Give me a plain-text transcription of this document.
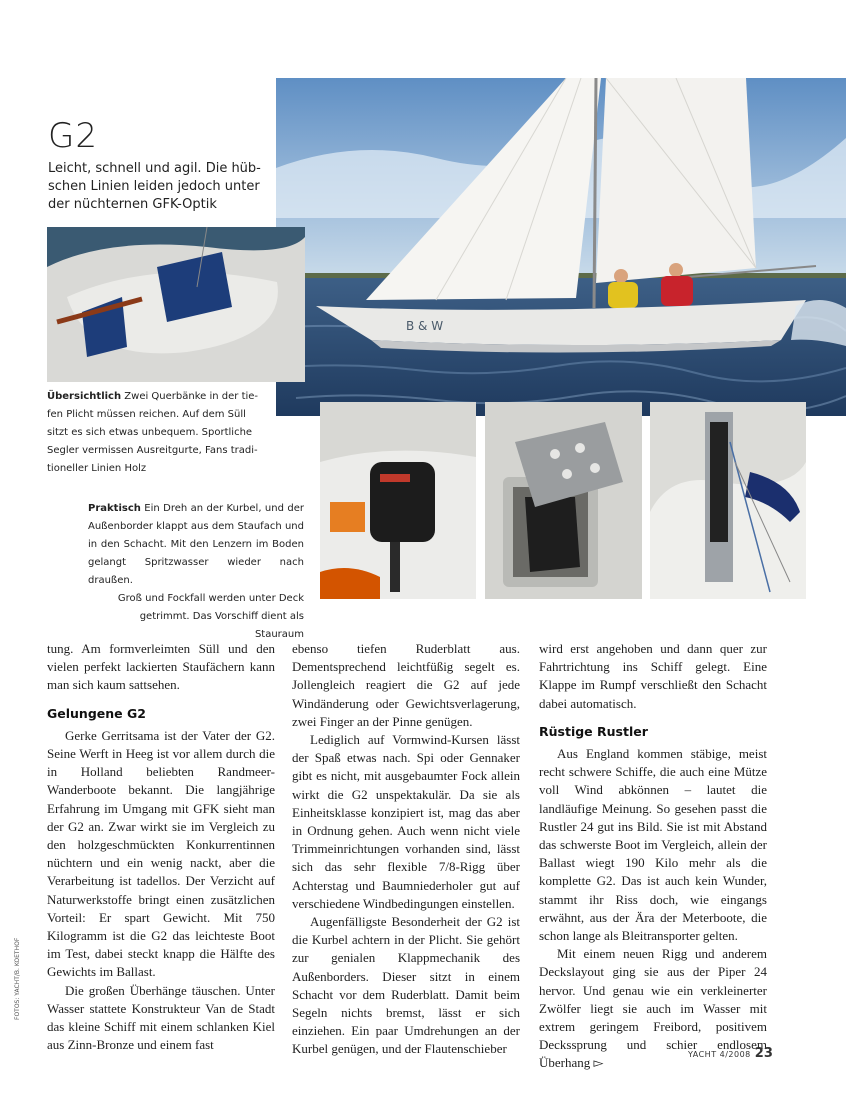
G2
Leicht, schnell und agil. Die hüb-schen Linien leiden jedoch unter der nüchternen GFK-Optik
B & W
Übersichtlich Zwei Querbänke in der tie-fen Plicht müssen reichen. Auf dem Süll sitzt es sich etwas unbequem. Sportliche Segler vermissen Ausreitgurte, Fans tradi-tioneller Linien Holz
Praktisch Ein Dreh an der Kurbel, und der Außenborder klappt aus dem Staufach und in den Schacht. Mit den Lenzern im Boden gelangt Spritzwasser wieder nach draußen.
Groß und Fockfall werden unter Deck getrimmt. Das Vorschiff dient als Stauraum

tung. Am formverleimten Süll und den vielen perfekt lackierten Staufächern kann man sich kaum sattsehen.

Gelungene G2

Gerke Gerritsama ist der Vater der G2. Seine Werft in Heeg ist vor allem durch die in Holland beliebten Randmeer-Wanderboote bekannt. Die langjährige Erfahrung im Umgang mit GFK sieht man der G2 an. Zwar wirkt sie im Vergleich zu den holzgeschmückten Konkurrentinnen nüchtern und ein wenig nackt, aber die Verarbeitung ist tadellos. Der Verzicht auf Naturwerkstoffe bringt einen zusätzlichen Vorteil: Er spart Gewicht. Mit 750 Kilogramm ist die G2 das leichteste Boot im Test, dabei steckt knapp die Hälfte des Gewichts im Ballast.

Die großen Überhänge täuschen. Unter Wasser stattete Konstrukteur Van de Stadt das kleine Schiff mit einem schlanken Kiel aus Zinn-Bronze und einem fast

ebenso tiefen Ruderblatt aus. Dementsprechend leichtfüßig segelt es. Jollengleich reagiert die G2 auf jede Windänderung oder Gewichtsverlagerung, zwei Finger an der Pinne genügen.

Lediglich auf Vormwind-Kursen lässt der Spaß etwas nach. Spi oder Gennaker gibt es nicht, mit ausgebaumter Fock allein wirkt die G2 unspektakulär. Da sie als Einheitsklasse konzipiert ist, mag das aber in Ordnung gehen. Auch wenn nicht viele Trimmeinrichtungen vorhanden sind, lässt sich das sehr flexible 7/8-Rigg über Achterstag und Baumniederholer gut auf verschiedene Windbedingungen einstellen.

Augenfälligste Besonderheit der G2 ist die Kurbel achtern in der Plicht. Sie gehört zur genialen Klappmechanik des Außenborders. Dieser sitzt in einem Schacht vor dem Ruderblatt. Damit beim Segeln nichts bremst, lässt er sich einziehen. Ein paar Umdrehungen an der Kurbel genügen, und der Flautenschieber

wird erst angehoben und dann quer zur Fahrtrichtung ins Schiff gelegt. Eine Klappe im Rumpf verschließt den Schacht dabei automatisch.

Rüstige Rustler

Aus England kommen stäbige, meist recht schwere Schiffe, die auch eine Mütze voll Wind abkönnen – lautet die landläufige Meinung. So gesehen passt die Rustler 24 gut ins Bild. Sie ist mit Abstand das schwerste Boot im Vergleich, allein der Ballast wiegt 190 Kilo mehr als die komplette G2. Das ist auch kein Wunder, stammt ihr Riss doch, wie eingangs erwähnt, aus der Ära der Meterboote, die schon lange als Bleitransporter gelten.

Mit einem neuen Rigg und anderem Deckslayout ging sie aus der Piper 24 hervor. Und genau wie ein verkleinerter Zwölfer liegt sie auch im Wasser mit extrem geringem Freibord, positivem Deckssprung und schier endlosem Überhang ▻

FOTOS: YACHT/B. KOETHOF
YACHT 4/2008 23
